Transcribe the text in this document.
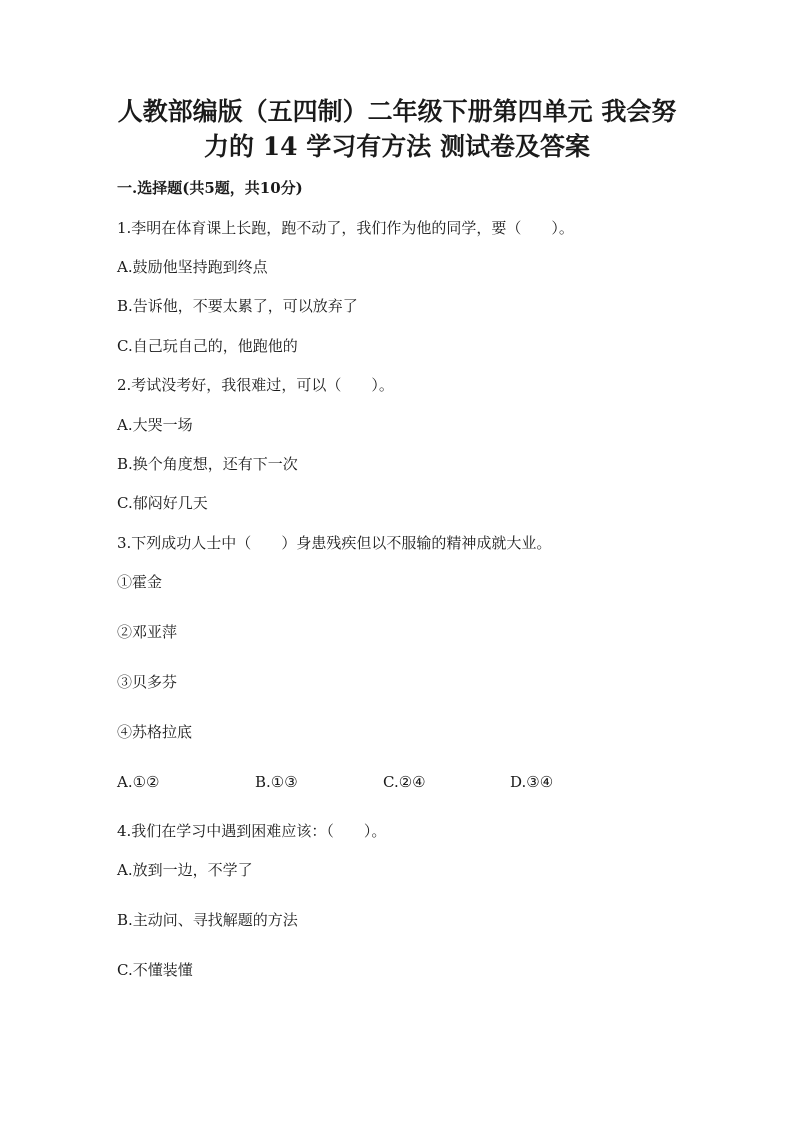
人教部编版（五四制）二年级下册第四单元 我会努
力的 14 学习有方法 测试卷及答案
一.选择题(共5题，共10分)
1.李明在体育课上长跑，跑不动了，我们作为他的同学，要（　　）。
A.鼓励他坚持跑到终点
B.告诉他，不要太累了，可以放弃了
C.自己玩自己的，他跑他的
2.考试没考好，我很难过，可以（　　）。
A.大哭一场
B.换个角度想，还有下一次
C.郁闷好几天
3.下列成功人士中（　　）身患残疾但以不服输的精神成就大业。
①霍金
②邓亚萍
③贝多芬
④苏格拉底
A.①②	B.①③	C.②④	D.③④
4.我们在学习中遇到困难应该：（　　）。
A.放到一边，不学了
B.主动问、寻找解题的方法
C.不懂装懂
